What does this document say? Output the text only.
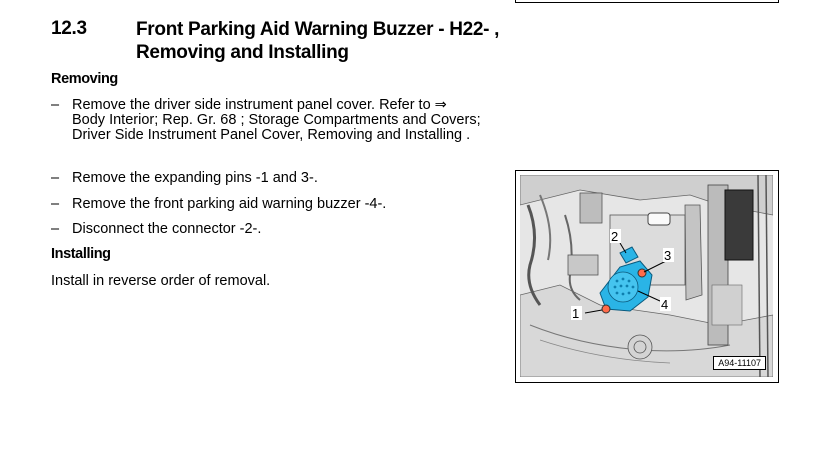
12.3	Front Parking Aid Warning Buzzer - H22- , Removing and Installing
Removing
– Remove the driver side instrument panel cover. Refer to ⇒ Body Interior; Rep. Gr. 68 ; Storage Compartments and Covers; Driver Side Instrument Panel Cover, Removing and Installing .
– Remove the expanding pins -1 and 3-.
– Remove the front parking aid warning buzzer -4-.
– Disconnect the connector -2-.
Installing
Install in reverse order of removal.
2
3
4
1
A94-11107
